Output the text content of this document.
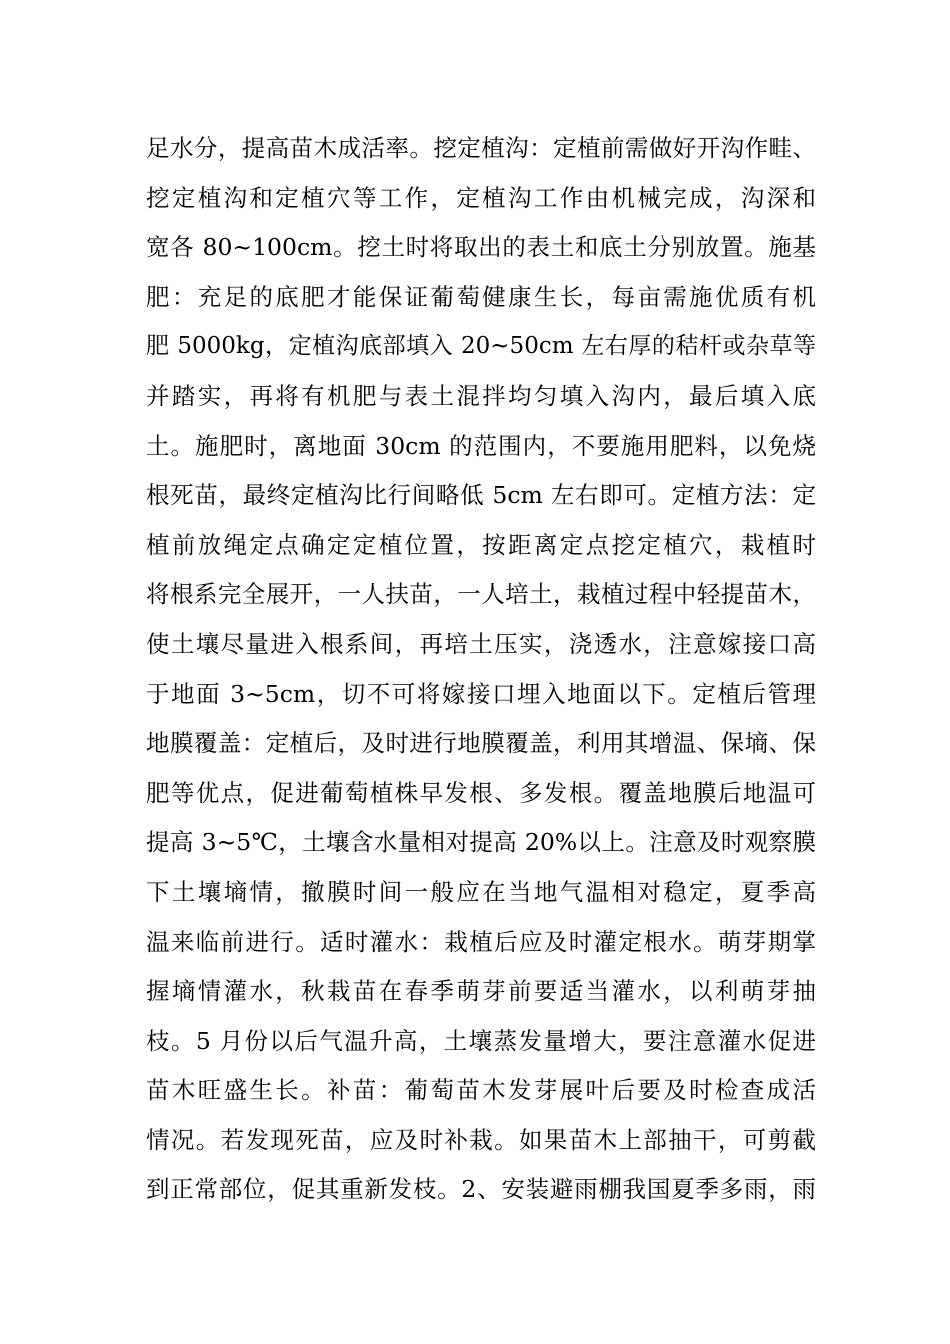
足水分，提高苗木成活率。挖定植沟：定植前需做好开沟作畦、
挖定植沟和定植穴等工作，定植沟工作由机械完成，沟深和
宽各 80~100cm。挖土时将取出的表土和底土分别放置。施基
肥：充足的底肥才能保证葡萄健康生长，每亩需施优质有机
肥 5000kg，定植沟底部填入 20~50cm 左右厚的秸杆或杂草等
并踏实，再将有机肥与表土混拌均匀填入沟内，最后填入底
土。施肥时，离地面 30cm 的范围内，不要施用肥料，以免烧
根死苗，最终定植沟比行间略低 5cm 左右即可。定植方法：定
植前放绳定点确定定植位置，按距离定点挖定植穴，栽植时
将根系完全展开，一人扶苗，一人培土，栽植过程中轻提苗木，
使土壤尽量进入根系间，再培土压实，浇透水，注意嫁接口高
于地面 3~5cm，切不可将嫁接口埋入地面以下。定植后管理
地膜覆盖：定植后，及时进行地膜覆盖，利用其增温、保墒、保
肥等优点，促进葡萄植株早发根、多发根。覆盖地膜后地温可
提高 3~5℃，土壤含水量相对提高 20%以上。注意及时观察膜
下土壤墒情，撤膜时间一般应在当地气温相对稳定，夏季高
温来临前进行。适时灌水：栽植后应及时灌定根水。萌芽期掌
握墒情灌水，秋栽苗在春季萌芽前要适当灌水，以利萌芽抽
枝。5 月份以后气温升高，土壤蒸发量增大，要注意灌水促进
苗木旺盛生长。补苗：葡萄苗木发芽展叶后要及时检查成活
情况。若发现死苗，应及时补栽。如果苗木上部抽干，可剪截
到正常部位，促其重新发枝。2、安装避雨棚我国夏季多雨，雨
